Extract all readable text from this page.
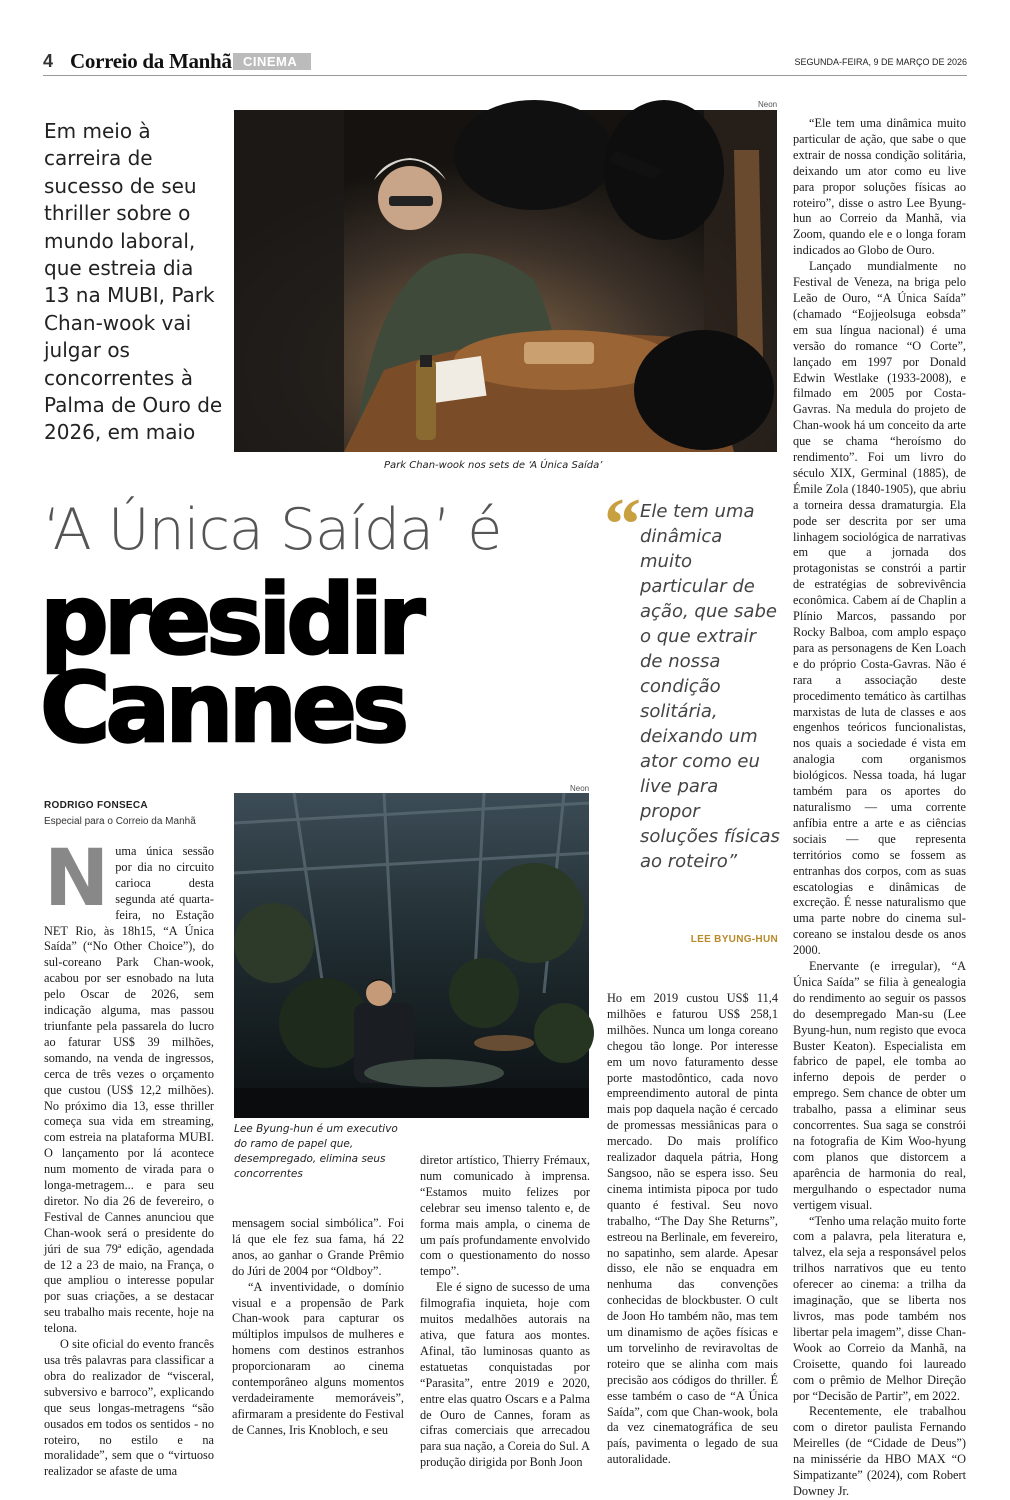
4 Correio da Manhã CINEMA	SEGUNDA-FEIRA, 9 DE MARÇO DE 2026
Em meio à carreira de sucesso de seu thriller sobre o mundo laboral, que estreia dia 13 na MUBI, Park Chan-wook vai julgar os concorrentes à Palma de Ouro de 2026, em maio
Neon
Park Chan-wook nos sets de ‘A Única Saída’
‘A Única Saída’ é
presidir
Cannes
“ Ele tem uma dinâmica muito particular de ação, que sabe o que extrair de nossa condição solitária, deixando um ator como eu live para propor soluções físicas ao roteiro”
LEE BYUNG-HUN
RODRIGO FONSECA
Especial para o Correio da Manhã
Neon
Lee Byung-hun é um executivo do ramo de papel que, desempregado, elimina seus concorrentes
N uma única sessão por dia no circuito carioca desta segunda até quarta-feira, no Estação NET Rio, às 18h15, “A Única Saída” (“No Other Choice”), do sul-coreano Park Chan-wook, acabou por ser esnobado na luta pelo Oscar de 2026, sem indicação alguma, mas passou triunfante pela passarela do lucro ao faturar US$ 39 milhões, somando, na venda de ingressos, cerca de três vezes o orçamento que custou (US$ 12,2 milhões). No próximo dia 13, esse thriller começa sua vida em streaming, com estreia na plataforma MUBI. O lançamento por lá acontece num momento de virada para o longa-metragem... e para seu diretor. No dia 26 de fevereiro, o Festival de Cannes anunciou que Chan-wook será o presidente do júri de sua 79ª edição, agendada de 12 a 23 de maio, na França, o que ampliou o interesse popular por suas criações, a se destacar seu trabalho mais recente, hoje na telona.

O site oficial do evento francês usa três palavras para classificar a obra do realizador de “visceral, subversivo e barroco”, explicando que seus longas-metragens “são ousados em todos os sentidos - no roteiro, no estilo e na moralidade”, sem que o “virtuoso realizador se afaste de uma

mensagem social simbólica”. Foi lá que ele fez sua fama, há 22 anos, ao ganhar o Grande Prêmio do Júri de 2004 por “Oldboy”.

“A inventividade, o domínio visual e a propensão de Park Chan-wook para capturar os múltiplos impulsos de mulheres e homens com destinos estranhos proporcionaram ao cinema contemporâneo alguns momentos verdadeiramente memoráveis”, afirmaram a presidente do Festival de Cannes, Iris Knobloch, e seu

diretor artístico, Thierry Frémaux, num comunicado à imprensa. “Estamos muito felizes por celebrar seu imenso talento e, de forma mais ampla, o cinema de um país profundamente envolvido com o questionamento do nosso tempo”.

Ele é signo de sucesso de uma filmografia inquieta, hoje com muitos medalhões autorais na ativa, que fatura aos montes. Afinal, tão luminosas quanto as estatuetas conquistadas por “Parasita”, entre 2019 e 2020, entre elas quatro Oscars e a Palma de Ouro de Cannes, foram as cifras comerciais que arrecadou para sua nação, a Coreia do Sul. A produção dirigida por Bonh Joon

Ho em 2019 custou US$ 11,4 milhões e faturou US$ 258,1 milhões. Nunca um longa coreano chegou tão longe. Por interesse em um novo faturamento desse porte mastodôntico, cada novo empreendimento autoral de pinta mais pop daquela nação é cercado de promessas messiânicas para o mercado. Do mais prolífico realizador daquela pátria, Hong Sangsoo, não se espera isso. Seu cinema intimista pipoca por tudo quanto é festival. Seu novo trabalho, “The Day She Returns”, estreou na Berlinale, em fevereiro, no sapatinho, sem alarde. Apesar disso, ele não se enquadra em nenhuma das convenções conhecidas de blockbuster. O cult de Joon Ho também não, mas tem um dinamismo de ações físicas e um torvelinho de reviravoltas de roteiro que se alinha com mais precisão aos códigos do thriller. É esse também o caso de “A Única Saída”, com que Chan-wook, bola da vez cinematográfica de seu país, pavimenta o legado de sua autoralidade.

“Ele tem uma dinâmica muito particular de ação, que sabe o que extrair de nossa condição solitária, deixando um ator como eu live para propor soluções físicas ao roteiro”, disse o astro Lee Byung-hun ao Correio da Manhã, via Zoom, quando ele e o longa foram indicados ao Globo de Ouro.

Lançado mundialmente no Festival de Veneza, na briga pelo Leão de Ouro, “A Única Saída” (chamado “Eojjeolsuga eobsda” em sua língua nacional) é uma versão do romance “O Corte”, lançado em 1997 por Donald Edwin Westlake (1933-2008), e filmado em 2005 por Costa-Gavras. Na medula do projeto de Chan-wook há um conceito da arte que se chama “heroísmo do rendimento”. Foi um livro do século XIX, Germinal (1885), de Émile Zola (1840-1905), que abriu a torneira dessa dramaturgia. Ela pode ser descrita por ser uma linhagem sociológica de narrativas em que a jornada dos protagonistas se constrói a partir de estratégias de sobrevivência econômica. Cabem aí de Chaplin a Plínio Marcos, passando por Rocky Balboa, com amplo espaço para as personagens de Ken Loach e do próprio Costa-Gavras. Não é rara a associação deste procedimento temático às cartilhas marxistas de luta de classes e aos engenhos teóricos funcionalistas, nos quais a sociedade é vista em analogia com organismos biológicos. Nessa toada, há lugar também para os aportes do naturalismo — uma corrente anfíbia entre a arte e as ciências sociais — que representa territórios como se fossem as entranhas dos corpos, com as suas escatologias e dinâmicas de excreção. É nesse naturalismo que uma parte nobre do cinema sul-coreano se instalou desde os anos 2000.

Enervante (e irregular), “A Única Saída” se filia à genealogia do rendimento ao seguir os passos do desempregado Man-su (Lee Byung-hun, num registo que evoca Buster Keaton). Especialista em fabrico de papel, ele tomba ao inferno depois de perder o emprego. Sem chance de obter um trabalho, passa a eliminar seus concorrentes. Sua saga se constrói na fotografia de Kim Woo-hyung com planos que distorcem a aparência de harmonia do real, mergulhando o espectador numa vertigem visual.

“Tenho uma relação muito forte com a palavra, pela literatura e, talvez, ela seja a responsável pelos trilhos narrativos que eu tento oferecer ao cinema: a trilha da imaginação, que se liberta nos livros, mas pode também nos libertar pela imagem”, disse Chan-Wook ao Correio da Manhã, na Croisette, quando foi laureado com o prêmio de Melhor Direção por “Decisão de Partir”, em 2022.

Recentemente, ele trabalhou com o diretor paulista Fernando Meirelles (de “Cidade de Deus”) na minissérie da HBO MAX “O Simpatizante” (2024), com Robert Downey Jr.
